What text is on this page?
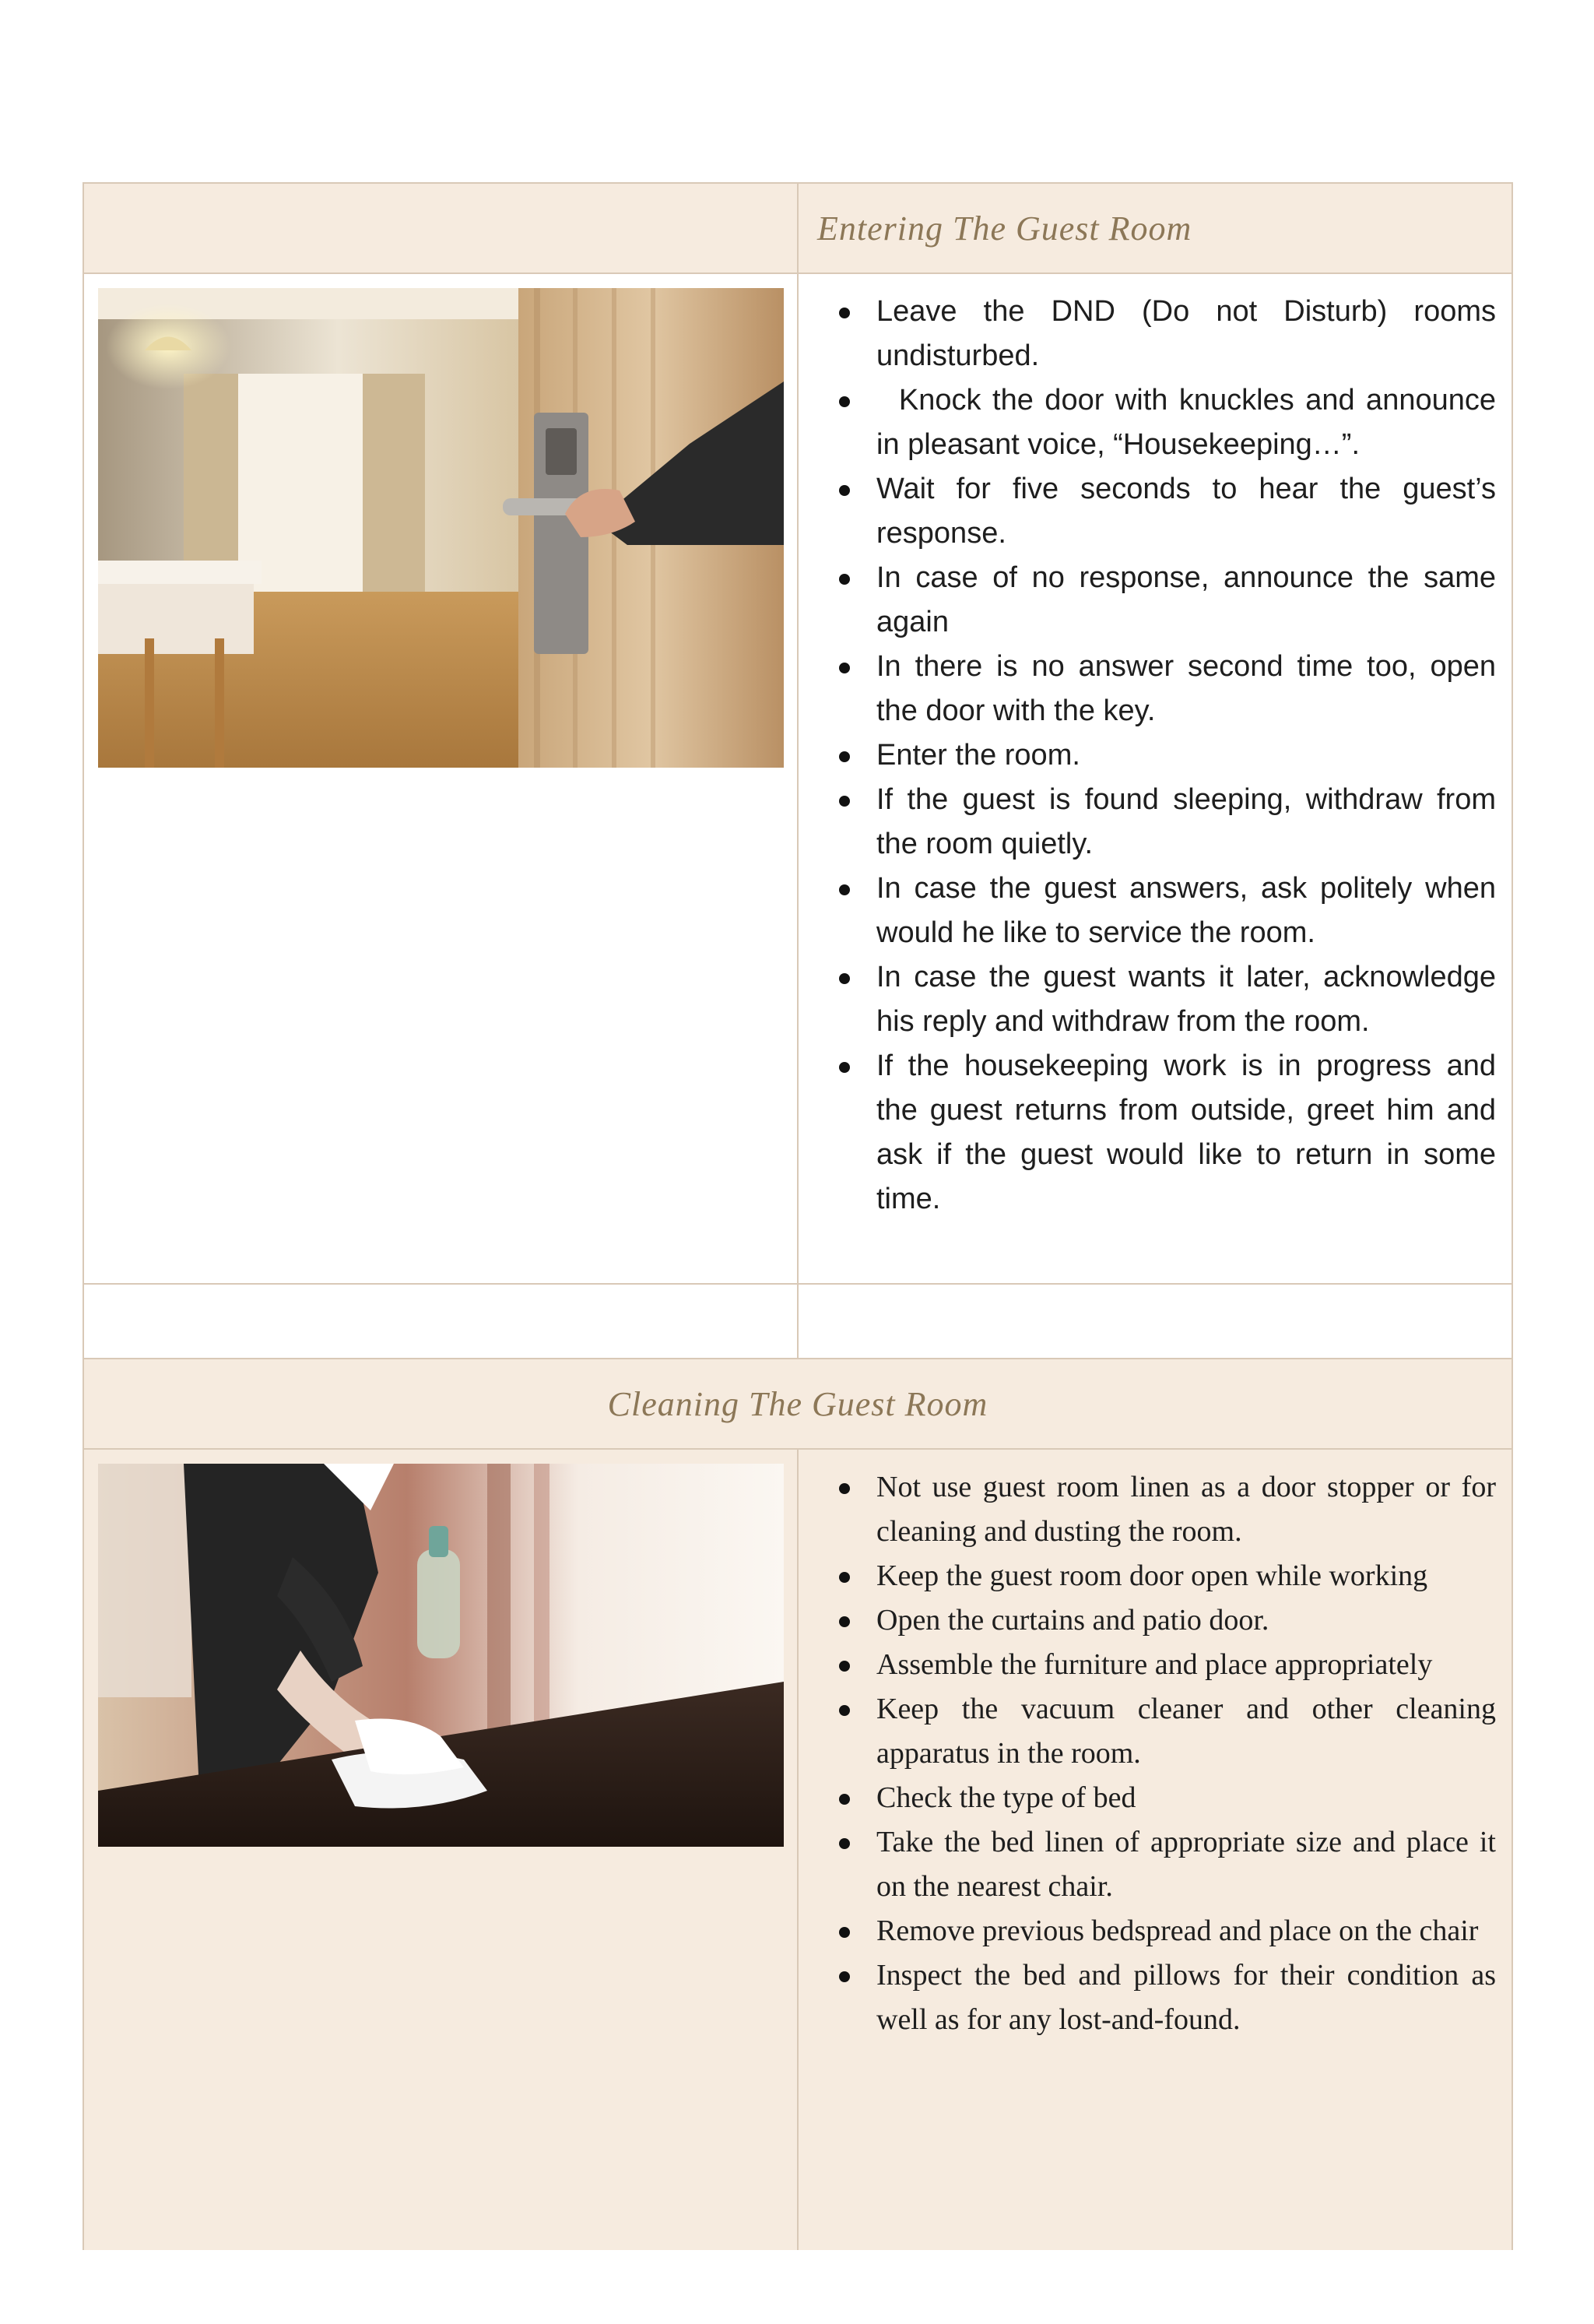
Entering The Guest Room
Leave the DND (Do not Disturb) rooms undisturbed.
Knock the door with knuckles and announce in pleasant voice, “Housekeeping…”.
Wait for five seconds to hear the guest’s response.
In case of no response, announce the same again
In there is no answer second time too, open the door with the key.
Enter the room.
If the guest is found sleeping, withdraw from the room quietly.
In case the guest answers, ask politely when would he like to service the room.
In case the guest wants it later, acknowledge his reply and withdraw from the room.
If the housekeeping work is in progress and the guest returns from outside, greet him and ask if the guest would like to return in some time.
Cleaning The Guest Room
Not use guest room linen as a door stopper or for cleaning and dusting the room.
Keep the guest room door open while working
Open the curtains and patio door.
Assemble the furniture and place appropriately
Keep the vacuum cleaner and other cleaning apparatus in the room.
Check the type of bed
Take the bed linen of appropriate size and place it on the nearest chair.
Remove previous bedspread and place on the chair
Inspect the bed and pillows for their condition as well as for any lost-and-found.
